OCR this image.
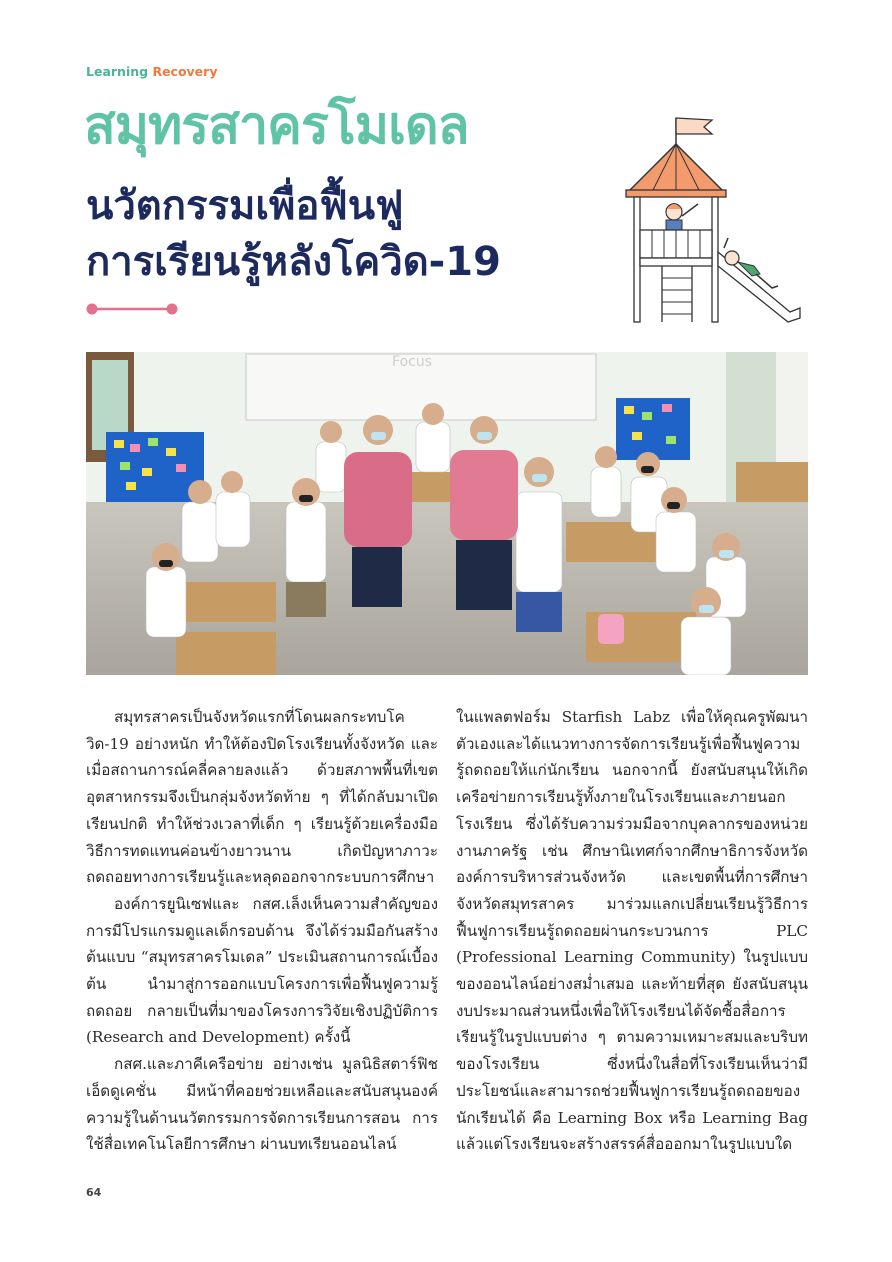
Learning Recovery
สมุทรสาครโมเดล
นวัตกรรมเพื่อฟื้นฟู
การเรียนรู้หลังโควิด-19
Focus

สมุทรสาครเป็นจังหวัดแรกที่โดนผลกระทบโควิด-19 อย่างหนัก ทำให้ต้องปิดโรงเรียนทั้งจังหวัด และเมื่อสถานการณ์คลี่คลายลงแล้ว ด้วยสภาพพื้นที่เขตอุตสาหกรรมจึงเป็นกลุ่มจังหวัดท้าย ๆ ที่ได้กลับมาเปิดเรียนปกติ ทำให้ช่วงเวลาที่เด็ก ๆ เรียนรู้ด้วยเครื่องมือวิธีการทดแทนค่อนข้างยาวนาน เกิดปัญหาภาวะถดถอยทางการเรียนรู้และหลุดออกจากระบบการศึกษา

องค์การยูนิเซฟและ กสศ.เล็งเห็นความสำคัญของการมีโปรแกรมดูแลเด็กรอบด้าน จึงได้ร่วมมือกันสร้างต้นแบบ “สมุทรสาครโมเดล” ประเมินสถานการณ์เบื้องต้น นำมาสู่การออกแบบโครงการเพื่อฟื้นฟูความรู้ถดถอย กลายเป็นที่มาของโครงการวิจัยเชิงปฏิบัติการ (Research and Development) ครั้งนี้

กสศ.และภาคีเครือข่าย อย่างเช่น มูลนิธิสตาร์ฟิช เอ็ดดูเคชั่น มีหน้าที่คอยช่วยเหลือและสนับสนุนองค์ความรู้ในด้านนวัตกรรมการจัดการเรียนการสอน การใช้สื่อเทคโนโลยีการศึกษา ผ่านบทเรียนออนไลน์

ในแพลตฟอร์ม Starfish Labz เพื่อให้คุณครูพัฒนาตัวเองและได้แนวทางการจัดการเรียนรู้เพื่อฟื้นฟูความรู้ถดถอยให้แก่นักเรียน นอกจากนี้ ยังสนับสนุนให้เกิดเครือข่ายการเรียนรู้ทั้งภายในโรงเรียนและภายนอกโรงเรียน ซึ่งได้รับความร่วมมือจากบุคลากรของหน่วยงานภาครัฐ เช่น ศึกษานิเทศก์จากศึกษาธิการจังหวัด องค์การบริหารส่วนจังหวัด และเขตพื้นที่การศึกษา จังหวัดสมุทรสาคร มาร่วมแลกเปลี่ยนเรียนรู้วิธีการฟื้นฟูการเรียนรู้ถดถอยผ่านกระบวนการ PLC (Professional Learning Community) ในรูปแบบของออนไลน์อย่างสม่ำเสมอ และท้ายที่สุด ยังสนับสนุนงบประมาณส่วนหนึ่งเพื่อให้โรงเรียนได้จัดซื้อสื่อการเรียนรู้ในรูปแบบต่าง ๆ ตามความเหมาะสมและบริบทของโรงเรียน ซึ่งหนึ่งในสื่อที่โรงเรียนเห็นว่ามีประโยชน์และสามารถช่วยฟื้นฟูการเรียนรู้ถดถอยของนักเรียนได้ คือ Learning Box หรือ Learning Bag แล้วแต่โรงเรียนจะสร้างสรรค์สื่อออกมาในรูปแบบใด

64
